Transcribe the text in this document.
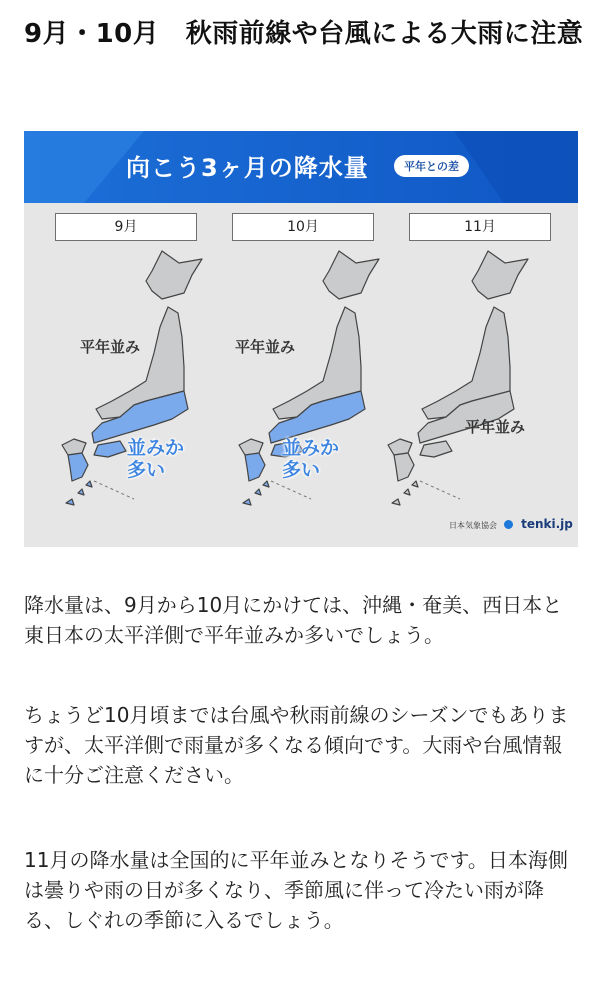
9月・10月　秋雨前線や台風による大雨に注意
向こう3ヶ月の降水量	平年との差
9月	10月	11月
平年並み
並みか
多い
平年並み
並みか
多い
平年並み
日本気象協会 tenki.jp
降水量は、9月から10月にかけては、沖縄・奄美、西日本と東日本の太平洋側で平年並みか多いでしょう。
ちょうど10月頃までは台風や秋雨前線のシーズンでもありますが、太平洋側で雨量が多くなる傾向です。大雨や台風情報に十分ご注意ください。
11月の降水量は全国的に平年並みとなりそうです。日本海側は曇りや雨の日が多くなり、季節風に伴って冷たい雨が降る、しぐれの季節に入るでしょう。
